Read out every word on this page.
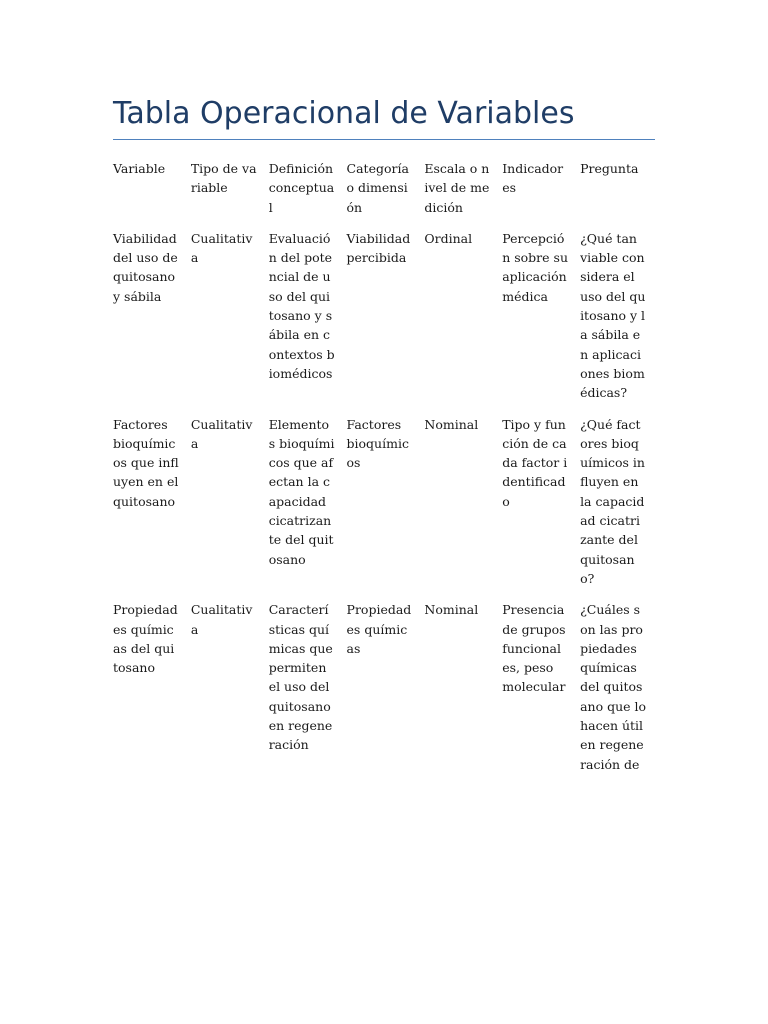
Tabla Operacional de Variables
Variable	Tipo de variable	Definición conceptual	Categoría o dimensión	Escala o nivel de medición	Indicadores	Pregunta

Viabilidad del uso de quitosano y sábila	Cualitativa	Evaluación del potencial de uso del quitosano y sábila en contextos biomédicos	Viabilidad percibida	Ordinal	Percepción sobre su aplicación médica	¿Qué tan viable considera el uso del quitosano y la sábila en aplicaciones biomédicas?

Factores bioquímicos que influyen en el quitosano	Cualitativa	Elementos bioquímicos que afectan la capacidad cicatrizante del quitosano	Factores bioquímicos	Nominal	Tipo y función de cada factor identificado	¿Qué factores bioquímicos influyen en la capacidad cicatrizante del quitosano?

Propiedades químicas del quitosano	Cualitativa	Características químicas que permiten el uso del quitosano en regeneración	Propiedades químicas	Nominal	Presencia de grupos funcionales, peso molecular	¿Cuáles son las propiedades químicas del quitosano que lo hacen útil en regeneración de
